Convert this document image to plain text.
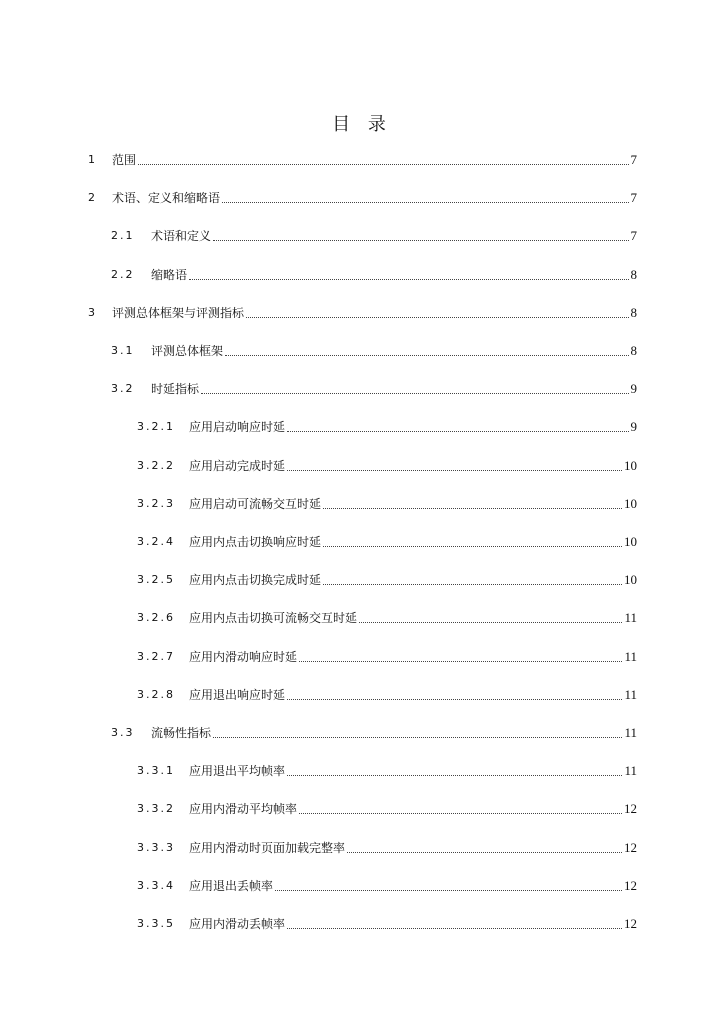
目 录
1	范围	7
2	术语、定义和缩略语	7
2.1	术语和定义	7
2.2	缩略语	8
3	评测总体框架与评测指标	8
3.1	评测总体框架	8
3.2	时延指标	9
3.2.1	应用启动响应时延	9
3.2.2	应用启动完成时延	10
3.2.3	应用启动可流畅交互时延	10
3.2.4	应用内点击切换响应时延	10
3.2.5	应用内点击切换完成时延	10
3.2.6	应用内点击切换可流畅交互时延	11
3.2.7	应用内滑动响应时延	11
3.2.8	应用退出响应时延	11
3.3	流畅性指标	11
3.3.1	应用退出平均帧率	11
3.3.2	应用内滑动平均帧率	12
3.3.3	应用内滑动时页面加载完整率	12
3.3.4	应用退出丢帧率	12
3.3.5	应用内滑动丢帧率	12
